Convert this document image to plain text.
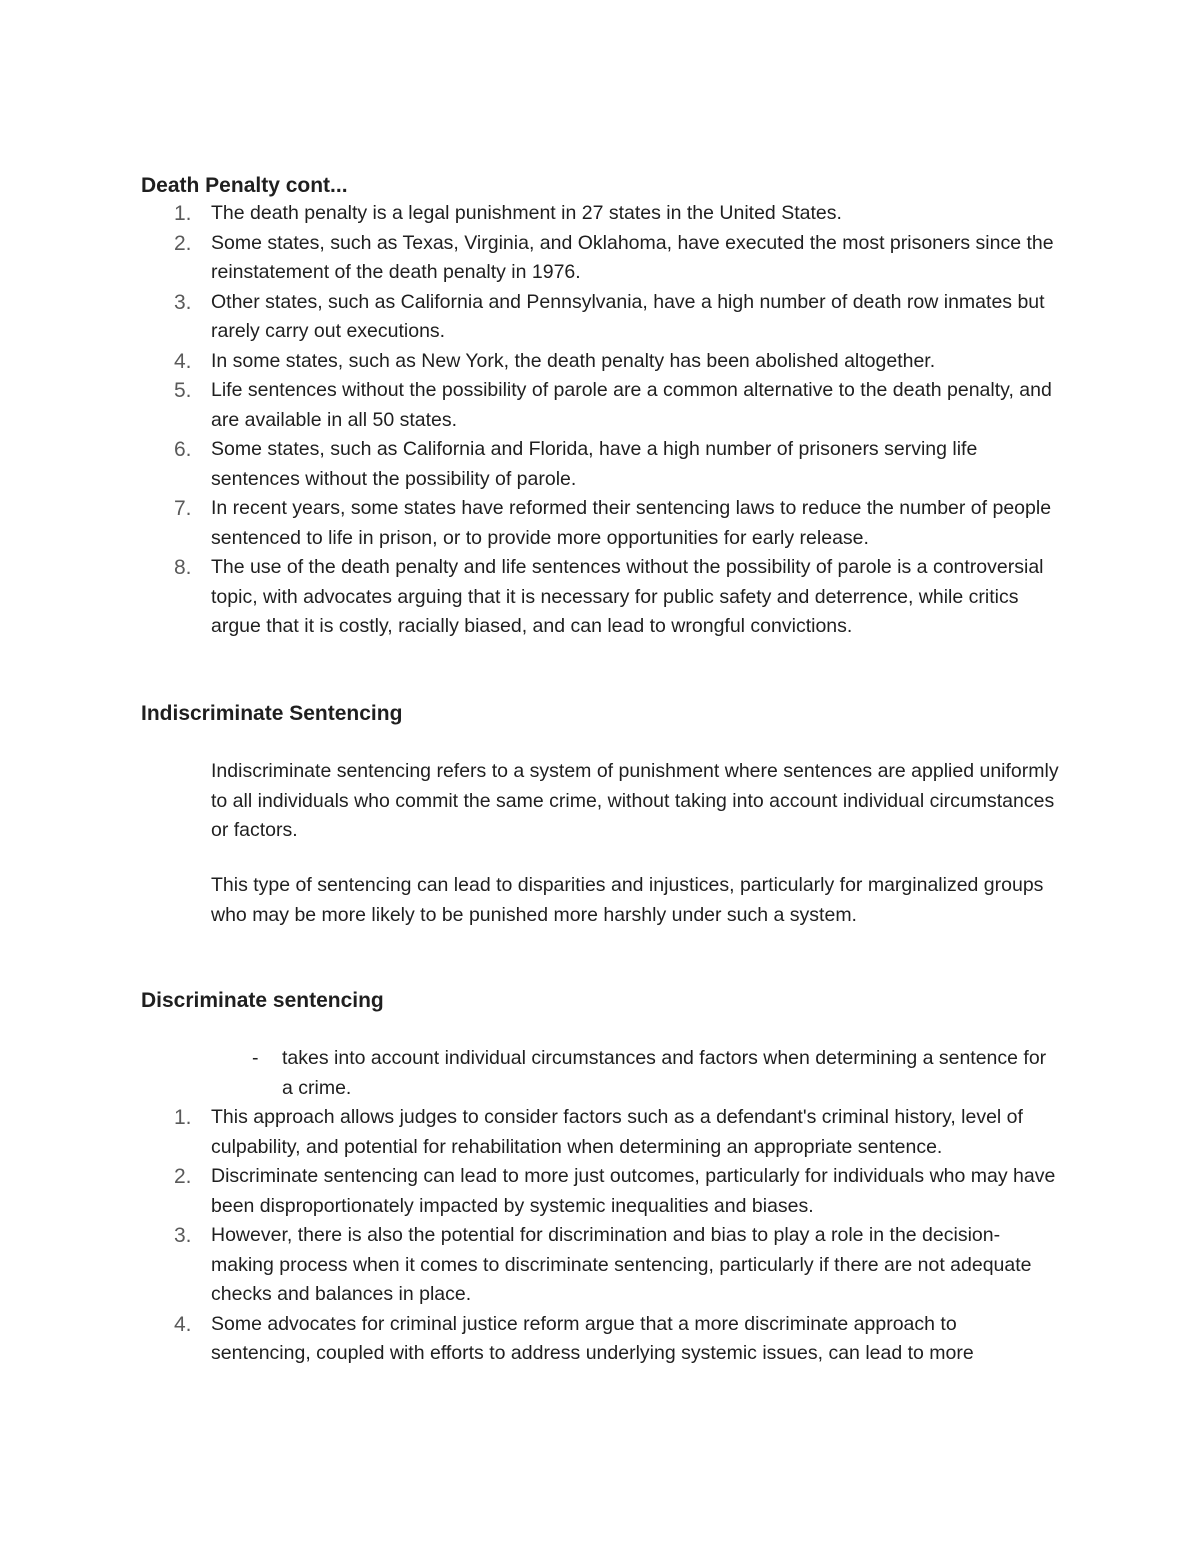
Death Penalty cont...
1. The death penalty is a legal punishment in 27 states in the United States.
2. Some states, such as Texas, Virginia, and Oklahoma, have executed the most prisoners since the reinstatement of the death penalty in 1976.
3. Other states, such as California and Pennsylvania, have a high number of death row inmates but rarely carry out executions.
4. In some states, such as New York, the death penalty has been abolished altogether.
5. Life sentences without the possibility of parole are a common alternative to the death penalty, and are available in all 50 states.
6. Some states, such as California and Florida, have a high number of prisoners serving life sentences without the possibility of parole.
7. In recent years, some states have reformed their sentencing laws to reduce the number of people sentenced to life in prison, or to provide more opportunities for early release.
8. The use of the death penalty and life sentences without the possibility of parole is a controversial topic, with advocates arguing that it is necessary for public safety and deterrence, while critics argue that it is costly, racially biased, and can lead to wrongful convictions.
Indiscriminate Sentencing

Indiscriminate sentencing refers to a system of punishment where sentences are applied uniformly to all individuals who commit the same crime, without taking into account individual circumstances or factors.

This type of sentencing can lead to disparities and injustices, particularly for marginalized groups who may be more likely to be punished more harshly under such a system.

Discriminate sentencing
- takes into account individual circumstances and factors when determining a sentence for a crime.
1. This approach allows judges to consider factors such as a defendant's criminal history, level of culpability, and potential for rehabilitation when determining an appropriate sentence.
2. Discriminate sentencing can lead to more just outcomes, particularly for individuals who may have been disproportionately impacted by systemic inequalities and biases.
3. However, there is also the potential for discrimination and bias to play a role in the decision-making process when it comes to discriminate sentencing, particularly if there are not adequate checks and balances in place.
4. Some advocates for criminal justice reform argue that a more discriminate approach to sentencing, coupled with efforts to address underlying systemic issues, can lead to more
